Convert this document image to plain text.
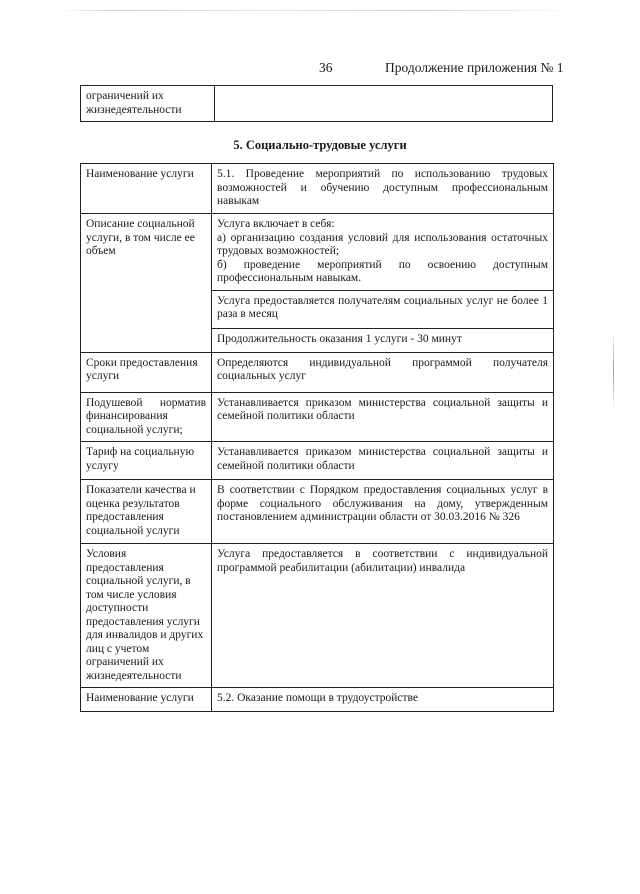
36	Продолжение приложения № 1
ограничений их
жизнедеятельности

5. Социально-трудовые услуги
Наименование услуги	5.1. Проведение мероприятий по использованию трудовых возможностей и обучению доступным профессиональным навыкам
Описание социальной услуги, в том числе ее объем	Услуга включает в себя:
а) организацию создания условий для использования остаточных трудовых возможностей;
б) проведение мероприятий по освоению доступным профессиональным навыкам.

	Услуга предоставляется получателям социальных услуг не более 1 раза в месяц
	Продолжительность оказания 1 услуги - 30 минут
Сроки предоставления услуги	Определяются индивидуальной программой получателя социальных услуг

Подушевой норматив
финансирования социальной услуги;	Устанавливается приказом министерства социальной защиты и семейной политики области
Тариф на социальную услугу	Устанавливается приказом министерства социальной защиты и семейной политики области
Показатели качества и оценка результатов предоставления социальной услуги	В соответствии с Порядком предоставления социальных услуг в форме социального обслуживания на дому, утвержденным постановлением администрации области от 30.03.2016 № 326
Условия предоставления социальной услуги, в том числе условия доступности предоставления услуги для инвалидов и других лиц с учетом ограничений их жизнедеятельности	Услуга предоставляется в соответствии с индивидуальной программой реабилитации (абилитации) инвалида
Наименование услуги	5.2. Оказание помощи в трудоустройстве
